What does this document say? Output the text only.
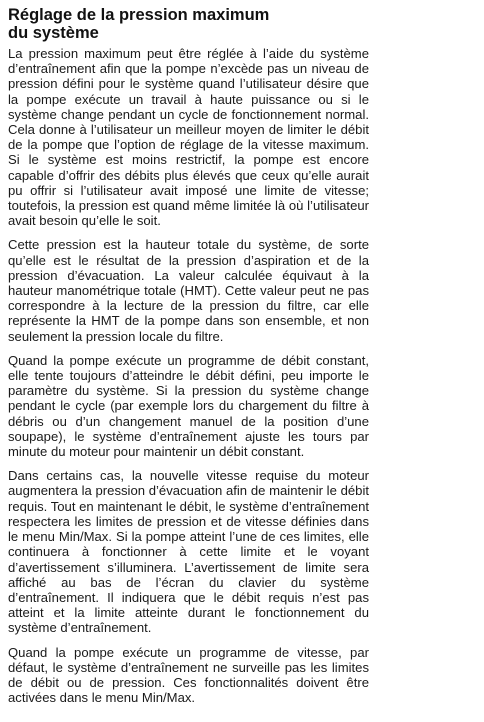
Réglage de la pression maximum
du système

La pression maximum peut être réglée à l’aide du système d’entraînement afin que la pompe n’excède pas un niveau de pression défini pour le système quand l’utilisateur désire que la pompe exécute un travail à haute puissance ou si le système change pendant un cycle de fonctionnement normal. Cela donne à l’utilisateur un meilleur moyen de limiter le débit de la pompe que l’option de réglage de la vitesse maximum. Si le système est moins restrictif, la pompe est encore capable d’offrir des débits plus élevés que ceux qu’elle aurait pu offrir si l’utilisateur avait imposé une limite de vitesse; toutefois, la pression est quand même limitée là où l’utilisateur avait besoin qu’elle le soit.

Cette pression est la hauteur totale du système, de sorte qu’elle est le résultat de la pression d’aspiration et de la pression d’évacuation. La valeur calculée équivaut à la hauteur manométrique totale (HMT). Cette valeur peut ne pas correspondre à la lecture de la pression du filtre, car elle représente la HMT de la pompe dans son ensemble, et non seulement la pression locale du filtre.

Quand la pompe exécute un programme de débit constant, elle tente toujours d’atteindre le débit défini, peu importe le paramètre du système. Si la pression du système change pendant le cycle (par exemple lors du chargement du filtre à débris ou d’un changement manuel de la position d’une soupape), le système d’entraînement ajuste les tours par minute du moteur pour maintenir un débit constant.

Dans certains cas, la nouvelle vitesse requise du moteur augmentera la pression d’évacuation afin de maintenir le débit requis. Tout en maintenant le débit, le système d’entraînement respectera les limites de pression et de vitesse définies dans le menu Min/Max. Si la pompe atteint l’une de ces limites, elle continuera à fonctionner à cette limite et le voyant d’avertissement s’illuminera. L’avertissement de limite sera affiché au bas de l’écran du clavier du système d’entraînement. Il indiquera que le débit requis n’est pas atteint et la limite atteinte durant le fonctionnement du système d’entraînement.

Quand la pompe exécute un programme de vitesse, par défaut, le système d’entraînement ne surveille pas les limites de débit ou de pression. Ces fonctionnalités doivent être activées dans le menu Min/Max.
